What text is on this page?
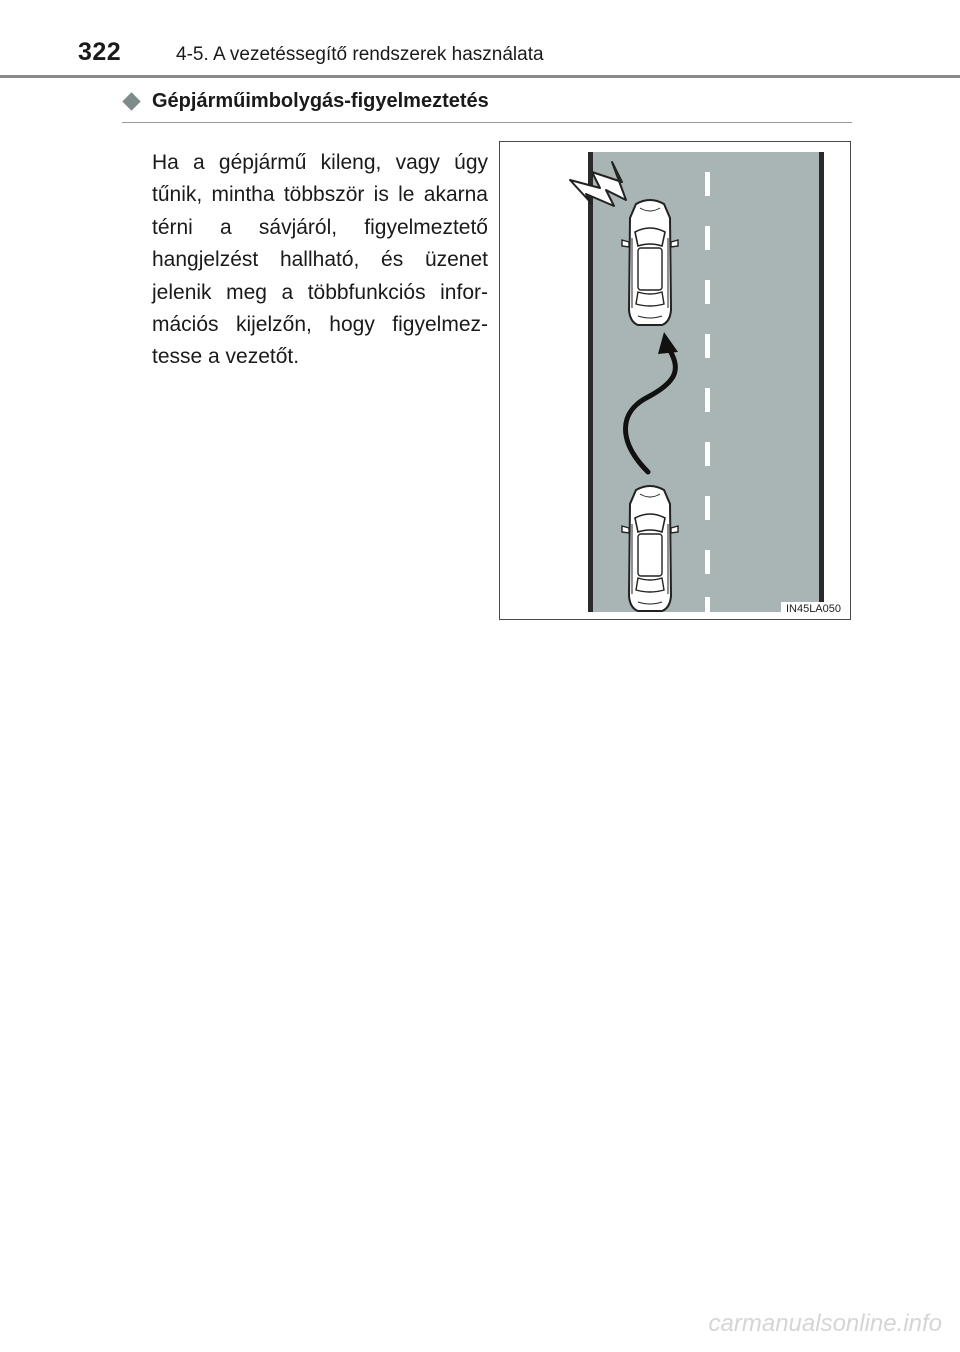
322	4-5. A vezetéssegítő rendszerek használata
Gépjárműimbolygás-figyelmeztetés
Ha a gépjármű kileng, vagy úgy tűnik, mintha többször is le akarna térni a sávjáról, figyelmeztető hangjelzést hallható, és üzenet jelenik meg a többfunkciós információs kijelzőn, hogy figyelmeztesse a vezetőt.
IN45LA050
carmanualsonline.info
